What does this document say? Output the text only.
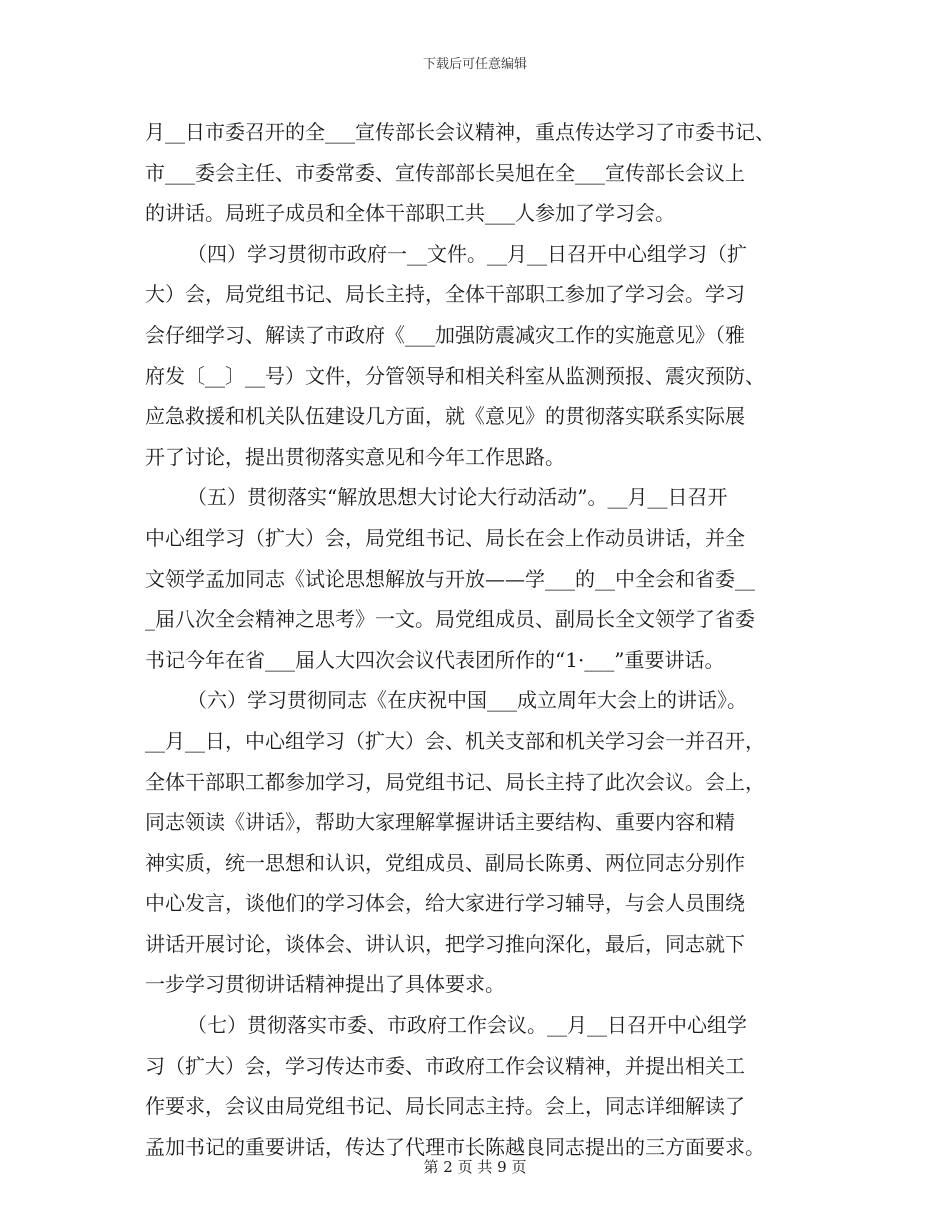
下载后可任意编辑
月__日市委召开的全___宣传部长会议精神，重点传达学习了市委书记、
市___委会主任、市委常委、宣传部部长吴旭在全___宣传部长会议上
的讲话。局班子成员和全体干部职工共___人参加了学习会。
（四）学习贯彻市政府一__文件。__月__日召开中心组学习（扩
大）会，局党组书记、局长主持，全体干部职工参加了学习会。学习
会仔细学习、解读了市政府《___加强防震减灾工作的实施意见》（雅
府发〔__〕__号）文件，分管领导和相关科室从监测预报、震灾预防、
应急救援和机关队伍建设几方面，就《意见》的贯彻落实联系实际展
开了讨论，提出贯彻落实意见和今年工作思路。
（五）贯彻落实“解放思想大讨论大行动活动”。__月__日召开
中心组学习（扩大）会，局党组书记、局长在会上作动员讲话，并全
文领学孟加同志《试论思想解放与开放——学___的__中全会和省委__
_届八次全会精神之思考》一文。局党组成员、副局长全文领学了省委
书记今年在省___届人大四次会议代表团所作的“1·___”重要讲话。
（六）学习贯彻同志《在庆祝中国___成立周年大会上的讲话》。
__月__日，中心组学习（扩大）会、机关支部和机关学习会一并召开，
全体干部职工都参加学习，局党组书记、局长主持了此次会议。会上，
同志领读《讲话》，帮助大家理解掌握讲话主要结构、重要内容和精
神实质，统一思想和认识，党组成员、副局长陈勇、两位同志分别作
中心发言，谈他们的学习体会，给大家进行学习辅导，与会人员围绕
讲话开展讨论，谈体会、讲认识，把学习推向深化，最后，同志就下
一步学习贯彻讲话精神提出了具体要求。
（七）贯彻落实市委、市政府工作会议。__月__日召开中心组学
习（扩大）会，学习传达市委、市政府工作会议精神，并提出相关工
作要求，会议由局党组书记、局长同志主持。会上，同志详细解读了
孟加书记的重要讲话，传达了代理市长陈越良同志提出的三方面要求。
第 2 页 共 9 页
